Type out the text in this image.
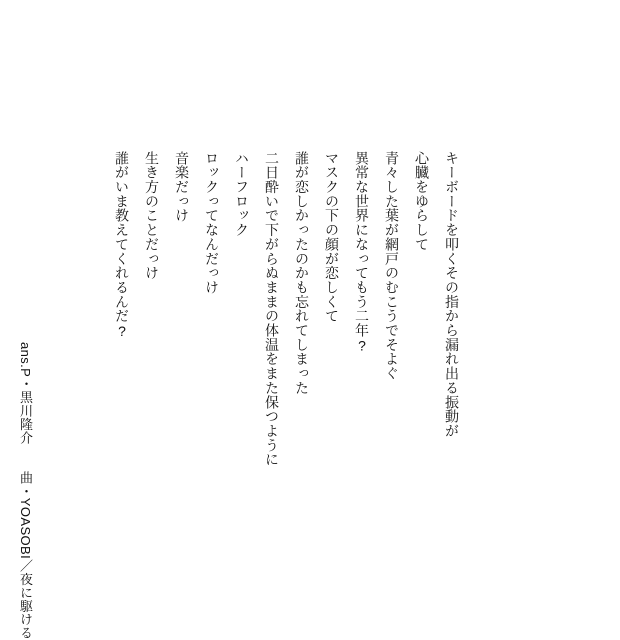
キーボードを叩くその指から漏れ出る振動が
心臓をゆらして
青々した葉が網戸のむこうでそよぐ
異常な世界になってもう二年?
マスクの下の顔が恋しくて
誰が恋しかったのかも忘れてしまった
二日酔いで下がらぬままの体温をまた保つように
ハーフロック
ロックってなんだっけ
音楽だっけ
生き方のことだっけ
誰がいま教えてくれるんだ?
ans.P・黒川隆介曲・YOASOBI／夜に駆ける
